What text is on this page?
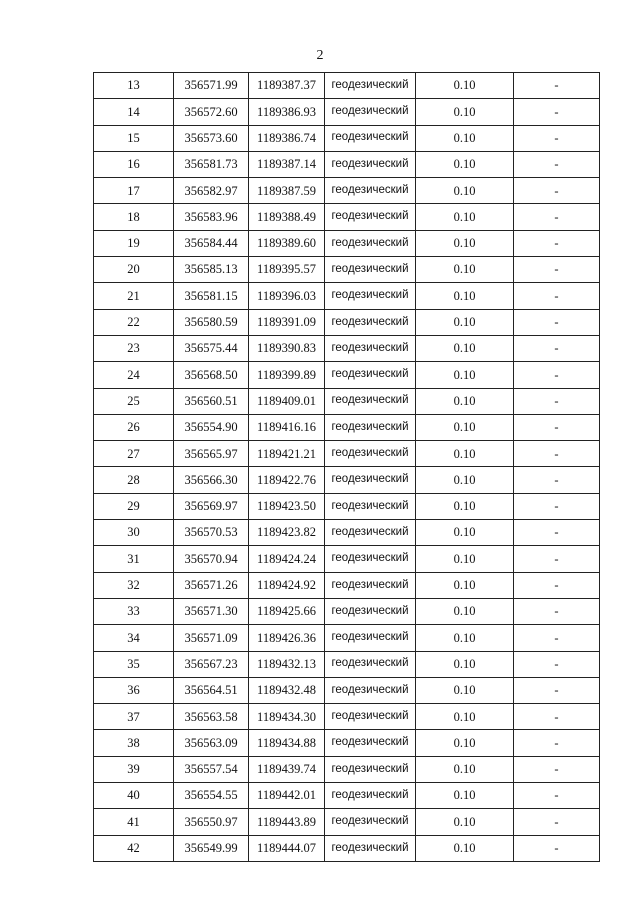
2
13	356571.99	1189387.37	геодезический	0.10	-
14	356572.60	1189386.93	геодезический	0.10	-
15	356573.60	1189386.74	геодезический	0.10	-
16	356581.73	1189387.14	геодезический	0.10	-
17	356582.97	1189387.59	геодезический	0.10	-
18	356583.96	1189388.49	геодезический	0.10	-
19	356584.44	1189389.60	геодезический	0.10	-
20	356585.13	1189395.57	геодезический	0.10	-
21	356581.15	1189396.03	геодезический	0.10	-
22	356580.59	1189391.09	геодезический	0.10	-
23	356575.44	1189390.83	геодезический	0.10	-
24	356568.50	1189399.89	геодезический	0.10	-
25	356560.51	1189409.01	геодезический	0.10	-
26	356554.90	1189416.16	геодезический	0.10	-
27	356565.97	1189421.21	геодезический	0.10	-
28	356566.30	1189422.76	геодезический	0.10	-
29	356569.97	1189423.50	геодезический	0.10	-
30	356570.53	1189423.82	геодезический	0.10	-
31	356570.94	1189424.24	геодезический	0.10	-
32	356571.26	1189424.92	геодезический	0.10	-
33	356571.30	1189425.66	геодезический	0.10	-
34	356571.09	1189426.36	геодезический	0.10	-
35	356567.23	1189432.13	геодезический	0.10	-
36	356564.51	1189432.48	геодезический	0.10	-
37	356563.58	1189434.30	геодезический	0.10	-
38	356563.09	1189434.88	геодезический	0.10	-
39	356557.54	1189439.74	геодезический	0.10	-
40	356554.55	1189442.01	геодезический	0.10	-
41	356550.97	1189443.89	геодезический	0.10	-
42	356549.99	1189444.07	геодезический	0.10	-
